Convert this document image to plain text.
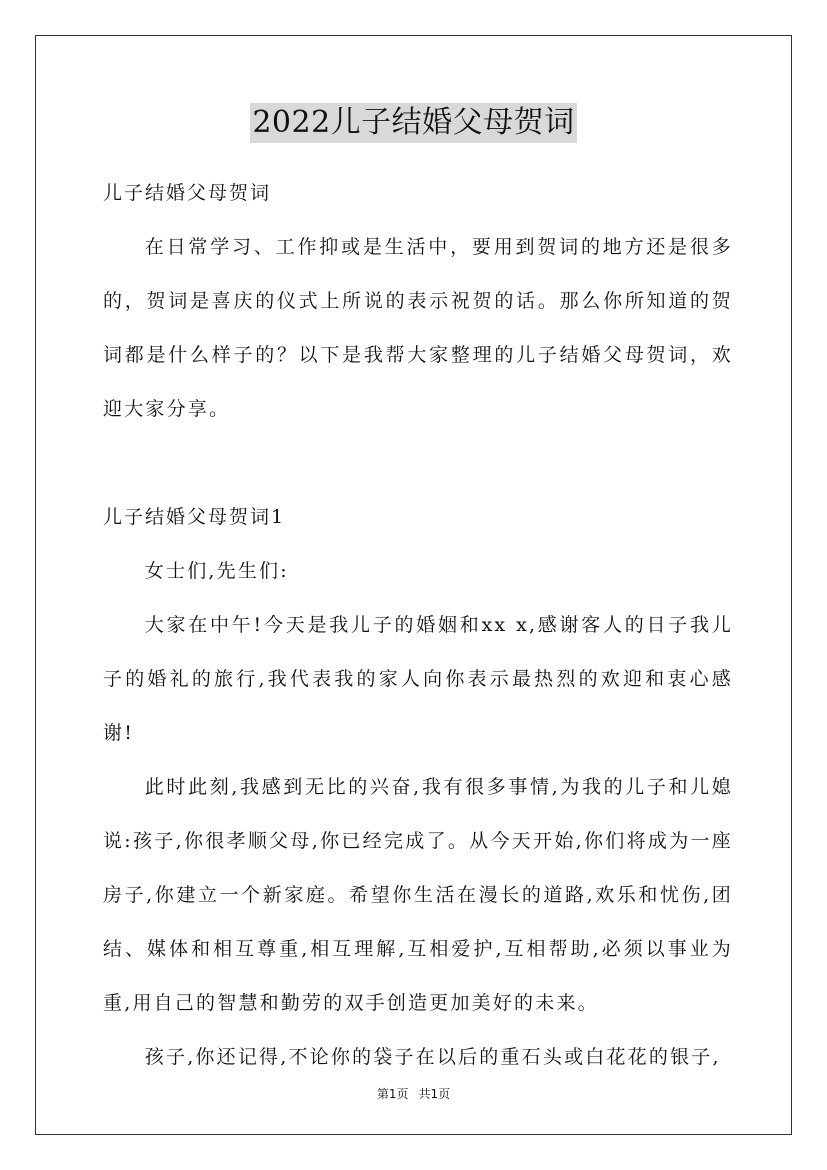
2022儿子结婚父母贺词

儿子结婚父母贺词

在日常学习、工作抑或是生活中，要用到贺词的地方还是很多的，贺词是喜庆的仪式上所说的表示祝贺的话。那么你所知道的贺词都是什么样子的？以下是我帮大家整理的儿子结婚父母贺词，欢迎大家分享。

儿子结婚父母贺词1

女士们,先生们:

大家在中午!今天是我儿子的婚姻和xx x,感谢客人的日子我儿子的婚礼的旅行,我代表我的家人向你表示最热烈的欢迎和衷心感谢!

此时此刻,我感到无比的兴奋,我有很多事情,为我的儿子和儿媳说:孩子,你很孝顺父母,你已经完成了。从今天开始,你们将成为一座房子,你建立一个新家庭。希望你生活在漫长的道路,欢乐和忧伤,团结、媒体和相互尊重,相互理解,互相爱护,互相帮助,必须以事业为重,用自己的智慧和勤劳的双手创造更加美好的未来。

孩子,你还记得,不论你的袋子在以后的重石头或白花花的银子,

第1页 共1页
